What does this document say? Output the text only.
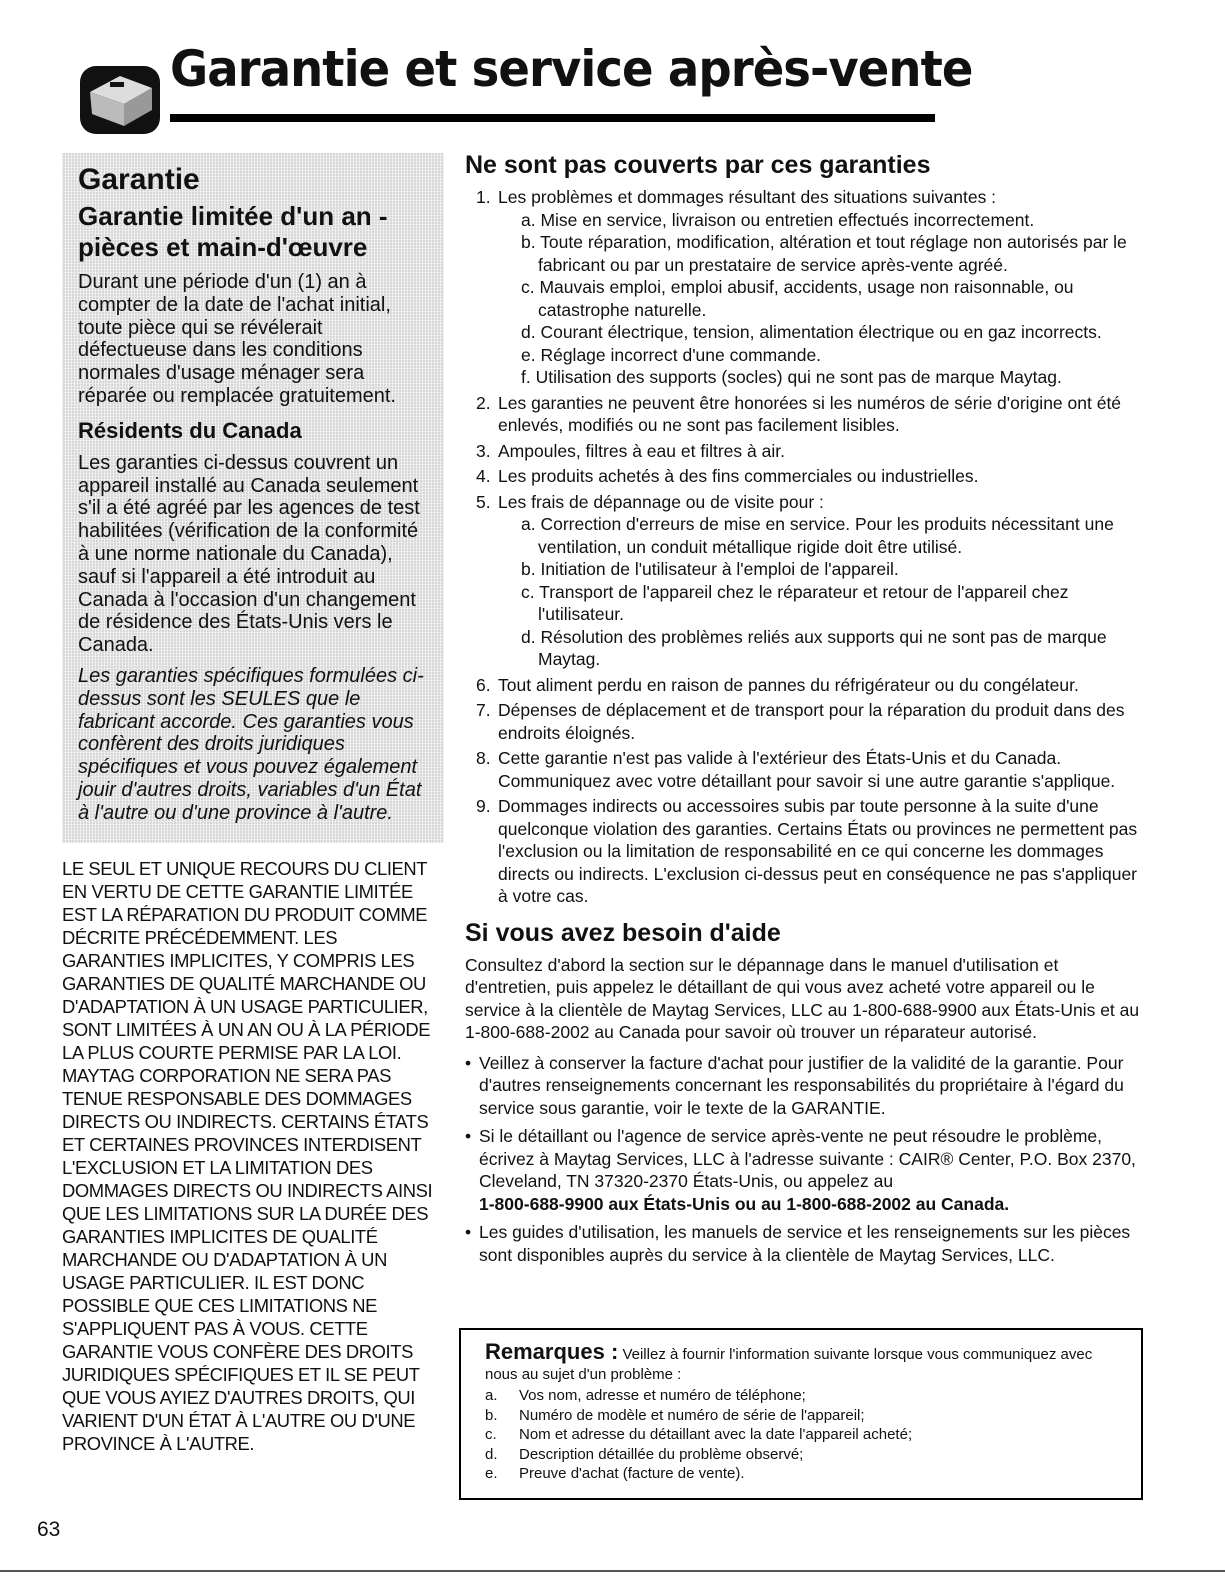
Garantie et service après-vente
Garantie
Garantie limitée d'un an - pièces et main-d'œuvre

Durant une période d'un (1) an à compter de la date de l'achat initial, toute pièce qui se révélerait défectueuse dans les conditions normales d'usage ménager sera réparée ou remplacée gratuitement.

Résidents du Canada

Les garanties ci-dessus couvrent un appareil installé au Canada seulement s'il a été agréé par les agences de test habilitées (vérification de la conformité à une norme nationale du Canada), sauf si l'appareil a été introduit au Canada à l'occasion d'un changement de résidence des États-Unis vers le Canada.

Les garanties spécifiques formulées ci-dessus sont les SEULES que le fabricant accorde. Ces garanties vous confèrent des droits juridiques spécifiques et vous pouvez également jouir d'autres droits, variables d'un État à l'autre ou d'une province à l'autre.

LE SEUL ET UNIQUE RECOURS DU CLIENT EN VERTU DE CETTE GARANTIE LIMITÉE EST LA RÉPARATION DU PRODUIT COMME DÉCRITE PRÉCÉDEMMENT. LES GARANTIES IMPLICITES, Y COMPRIS LES GARANTIES DE QUALITÉ MARCHANDE OU D'ADAPTATION À UN USAGE PARTICULIER, SONT LIMITÉES À UN AN OU À LA PÉRIODE LA PLUS COURTE PERMISE PAR LA LOI. MAYTAG CORPORATION NE SERA PAS TENUE RESPONSABLE DES DOMMAGES DIRECTS OU INDIRECTS. CERTAINS ÉTATS ET CERTAINES PROVINCES INTERDISENT L'EXCLUSION ET LA LIMITATION DES DOMMAGES DIRECTS OU INDIRECTS AINSI QUE LES LIMITATIONS SUR LA DURÉE DES GARANTIES IMPLICITES DE QUALITÉ MARCHANDE OU D'ADAPTATION À UN USAGE PARTICULIER. IL EST DONC POSSIBLE QUE CES LIMITATIONS NE S'APPLIQUENT PAS À VOUS. CETTE GARANTIE VOUS CONFÈRE DES DROITS JURIDIQUES SPÉCIFIQUES ET IL SE PEUT QUE VOUS AYIEZ D'AUTRES DROITS, QUI VARIENT D'UN ÉTAT À L'AUTRE OU D'UNE PROVINCE À L'AUTRE.
Ne sont pas couverts par ces garanties
1. Les problèmes et dommages résultant des situations suivantes :
a. Mise en service, livraison ou entretien effectués incorrectement.
b. Toute réparation, modification, altération et tout réglage non autorisés par le fabricant ou par un prestataire de service après-vente agréé.
c. Mauvais emploi, emploi abusif, accidents, usage non raisonnable, ou catastrophe naturelle.
d. Courant électrique, tension, alimentation électrique ou en gaz incorrects.
e. Réglage incorrect d'une commande.
f. Utilisation des supports (socles) qui ne sont pas de marque Maytag.
2. Les garanties ne peuvent être honorées si les numéros de série d'origine ont été enlevés, modifiés ou ne sont pas facilement lisibles.
3. Ampoules, filtres à eau et filtres à air.
4. Les produits achetés à des fins commerciales ou industrielles.
5. Les frais de dépannage ou de visite pour :
a. Correction d'erreurs de mise en service. Pour les produits nécessitant une ventilation, un conduit métallique rigide doit être utilisé.
b. Initiation de l'utilisateur à l'emploi de l'appareil.
c. Transport de l'appareil chez le réparateur et retour de l'appareil chez l'utilisateur.
d. Résolution des problèmes reliés aux supports qui ne sont pas de marque Maytag.
6. Tout aliment perdu en raison de pannes du réfrigérateur ou du congélateur.
7. Dépenses de déplacement et de transport pour la réparation du produit dans des endroits éloignés.
8. Cette garantie n'est pas valide à l'extérieur des États-Unis et du Canada. Communiquez avec votre détaillant pour savoir si une autre garantie s'applique.
9. Dommages indirects ou accessoires subis par toute personne à la suite d'une quelconque violation des garanties. Certains États ou provinces ne permettent pas l'exclusion ou la limitation de responsabilité en ce qui concerne les dommages directs ou indirects. L'exclusion ci-dessus peut en conséquence ne pas s'appliquer à votre cas.
Si vous avez besoin d'aide

Consultez d'abord la section sur le dépannage dans le manuel d'utilisation et d'entretien, puis appelez le détaillant de qui vous avez acheté votre appareil ou le service à la clientèle de Maytag Services, LLC au 1-800-688-9900 aux États-Unis et au 1-800-688-2002 au Canada pour savoir où trouver un réparateur autorisé.

• Veillez à conserver la facture d'achat pour justifier de la validité de la garantie. Pour d'autres renseignements concernant les responsabilités du propriétaire à l'égard du service sous garantie, voir le texte de la GARANTIE.
• Si le détaillant ou l'agence de service après-vente ne peut résoudre le problème, écrivez à Maytag Services, LLC à l'adresse suivante : CAIR® Center, P.O. Box 2370, Cleveland, TN 37320-2370 États-Unis, ou appelez au
1-800-688-9900 aux États-Unis ou au 1-800-688-2002 au Canada.
• Les guides d'utilisation, les manuels de service et les renseignements sur les pièces sont disponibles auprès du service à la clientèle de Maytag Services, LLC.
Remarques : Veillez à fournir l'information suivante lorsque vous communiquez avec nous au sujet d'un problème :
a. Vos nom, adresse et numéro de téléphone;
b. Numéro de modèle et numéro de série de l'appareil;
c. Nom et adresse du détaillant avec la date l'appareil acheté;
d. Description détaillée du problème observé;
e. Preuve d'achat (facture de vente).
63
